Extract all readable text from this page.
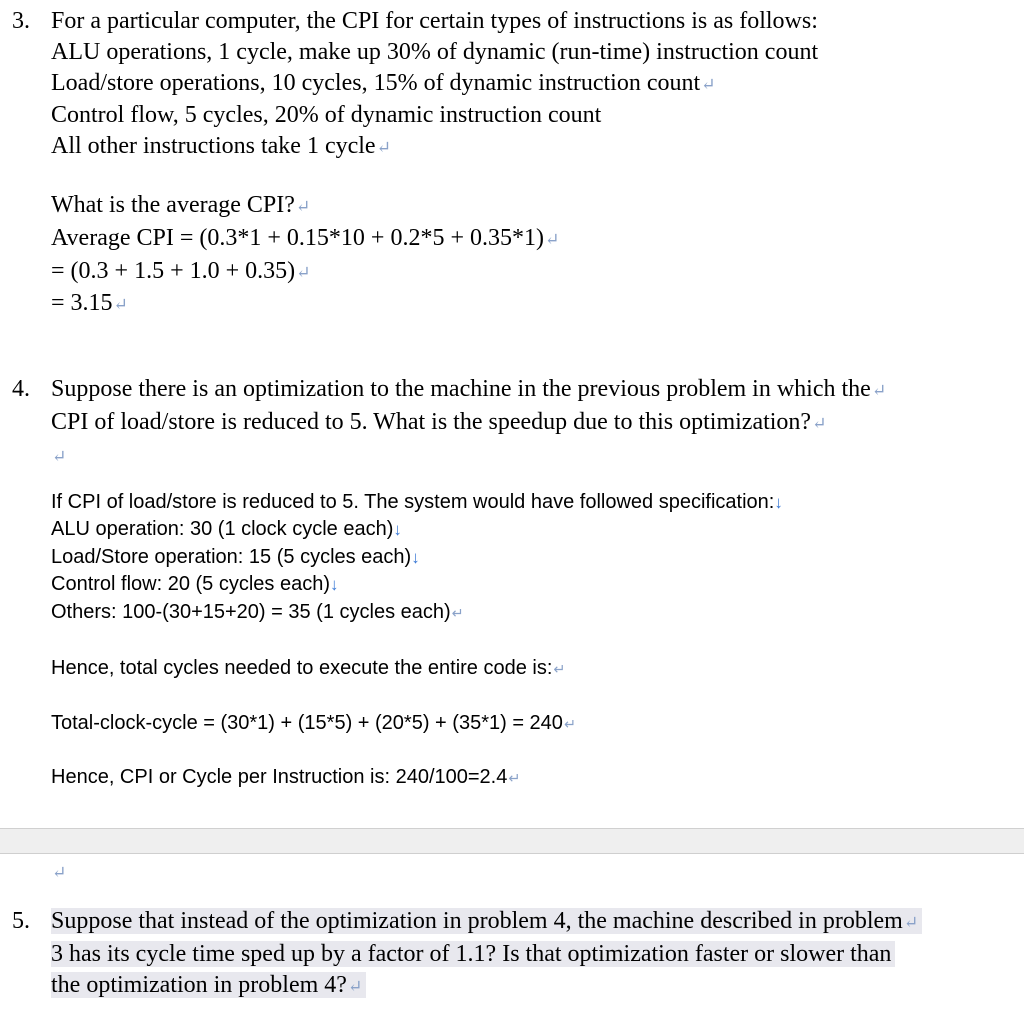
3. For a particular computer, the CPI for certain types of instructions is as follows:
ALU operations, 1 cycle, make up 30% of dynamic (run-time) instruction count
Load/store operations, 10 cycles, 15% of dynamic instruction count↵
Control flow, 5 cycles, 20% of dynamic instruction count
All other instructions take 1 cycle↵
What is the average CPI?↵
Average CPI = (0.3*1 + 0.15*10 + 0.2*5 + 0.35*1)↵
= (0.3 + 1.5 + 1.0 + 0.35)↵
= 3.15↵
4. Suppose there is an optimization to the machine in the previous problem in which the↵
CPI of load/store is reduced to 5. What is the speedup due to this optimization?↵
↵
If CPI of load/store is reduced to 5. The system would have followed specification:↓
ALU operation: 30 (1 clock cycle each)↓
Load/Store operation: 15 (5 cycles each)↓
Control flow: 20 (5 cycles each)↓
Others: 100-(30+15+20) = 35 (1 cycles each)↵
Hence, total cycles needed to execute the entire code is:↵
Total-clock-cycle = (30*1) + (15*5) + (20*5) + (35*1) = 240↵
Hence, CPI or Cycle per Instruction is: 240/100=2.4↵
↵
5. Suppose that instead of the optimization in problem 4, the machine described in problem↵
3 has its cycle time sped up by a factor of 1.1? Is that optimization faster or slower than
the optimization in problem 4?↵
